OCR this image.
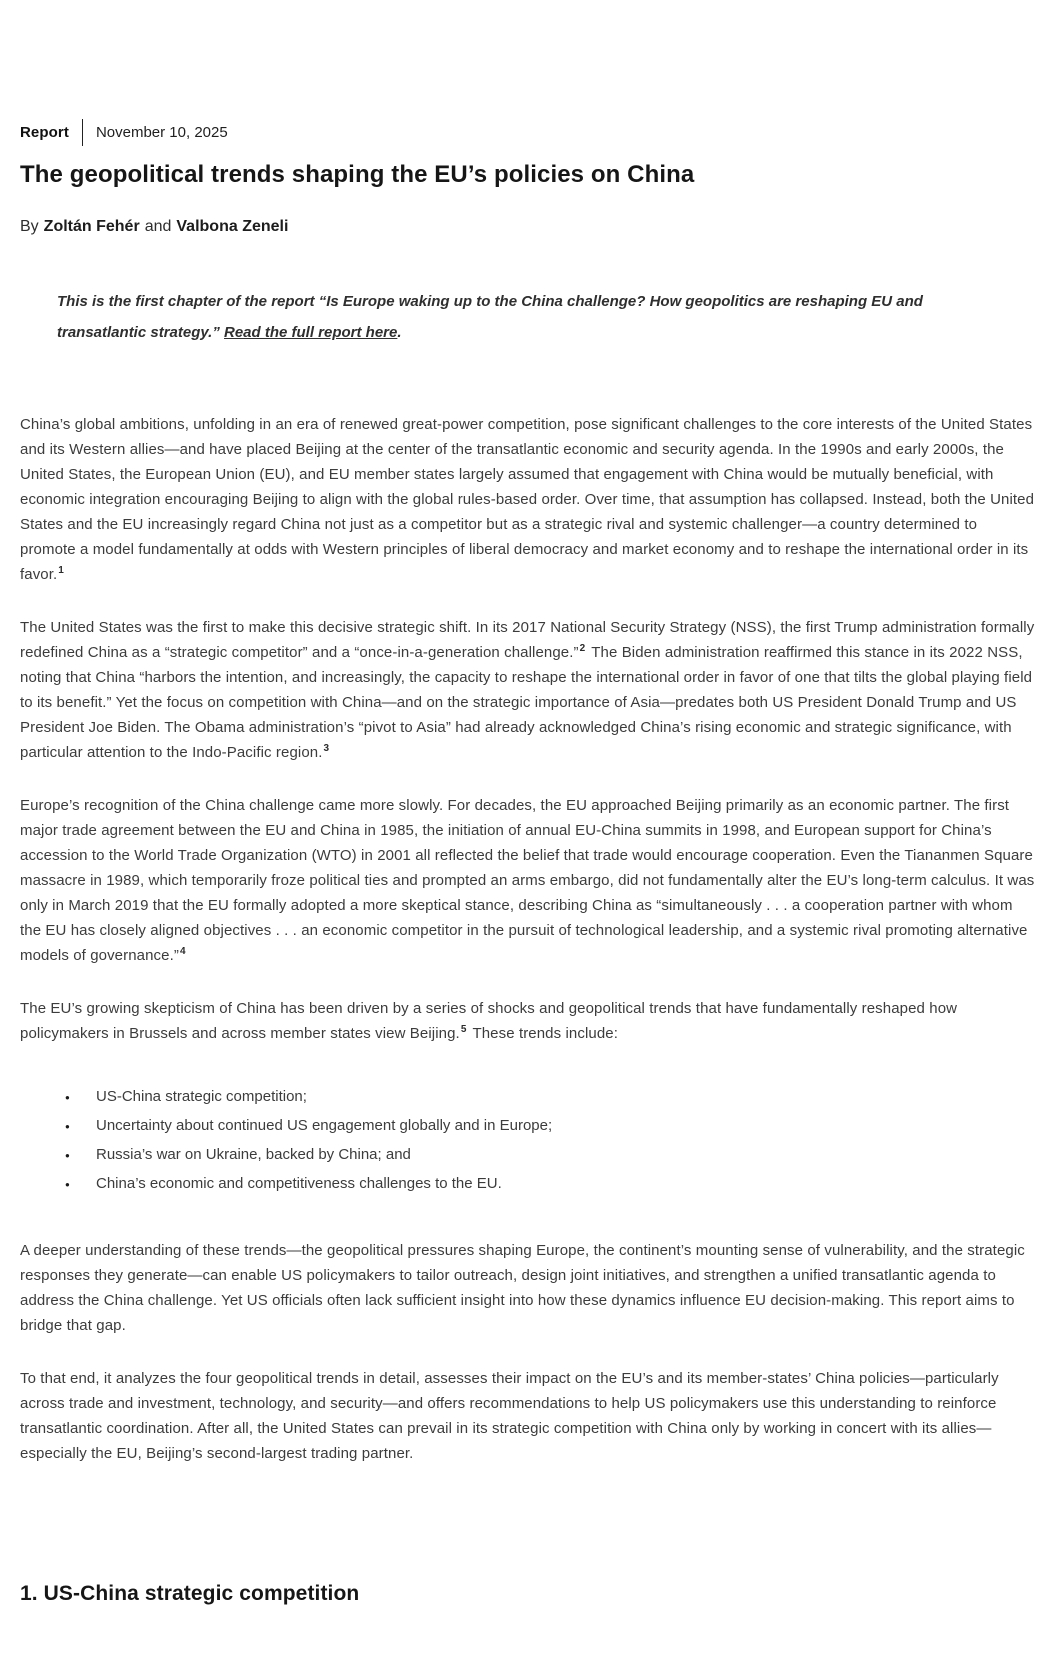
Report November 10, 2025
The geopolitical trends shaping the EU’s policies on China
By Zoltán Fehér and Valbona Zeneli
This is the first chapter of the report “Is Europe waking up to the China challenge? How geopolitics are reshaping EU and transatlantic strategy.” Read the full report here.

China’s global ambitions, unfolding in an era of renewed great-power competition, pose significant challenges to the core interests of the United States and its Western allies—and have placed Beijing at the center of the transatlantic economic and security agenda. In the 1990s and early 2000s, the United States, the European Union (EU), and EU member states largely assumed that engagement with China would be mutually beneficial, with economic integration encouraging Beijing to align with the global rules-based order. Over time, that assumption has collapsed. Instead, both the United States and the EU increasingly regard China not just as a competitor but as a strategic rival and systemic challenger—a country determined to promote a model fundamentally at odds with Western principles of liberal democracy and market economy and to reshape the international order in its favor.$^1$

The United States was the first to make this decisive strategic shift. In its 2017 National Security Strategy (NSS), the first Trump administration formally redefined China as a “strategic competitor” and a “once-in-a-generation challenge.”$^2$ The Biden administration reaffirmed this stance in its 2022 NSS, noting that China “harbors the intention, and increasingly, the capacity to reshape the international order in favor of one that tilts the global playing field to its benefit.” Yet the focus on competition with China—and on the strategic importance of Asia—predates both US President Donald Trump and US President Joe Biden. The Obama administration’s “pivot to Asia” had already acknowledged China’s rising economic and strategic significance, with particular attention to the Indo-Pacific region.$^3$

Europe’s recognition of the China challenge came more slowly. For decades, the EU approached Beijing primarily as an economic partner. The first major trade agreement between the EU and China in 1985, the initiation of annual EU-China summits in 1998, and European support for China’s accession to the World Trade Organization (WTO) in 2001 all reflected the belief that trade would encourage cooperation. Even the Tiananmen Square massacre in 1989, which temporarily froze political ties and prompted an arms embargo, did not fundamentally alter the EU’s long-term calculus. It was only in March 2019 that the EU formally adopted a more skeptical stance, describing China as “simultaneously . . . a cooperation partner with whom the EU has closely aligned objectives . . . an economic competitor in the pursuit of technological leadership, and a systemic rival promoting alternative models of governance.”$^4$

The EU’s growing skepticism of China has been driven by a series of shocks and geopolitical trends that have fundamentally reshaped how policymakers in Brussels and across member states view Beijing.$^5$ These trends include:

● US-China strategic competition;
● Uncertainty about continued US engagement globally and in Europe;
● Russia’s war on Ukraine, backed by China; and
● China’s economic and competitiveness challenges to the EU.

A deeper understanding of these trends—the geopolitical pressures shaping Europe, the continent’s mounting sense of vulnerability, and the strategic responses they generate—can enable US policymakers to tailor outreach, design joint initiatives, and strengthen a unified transatlantic agenda to address the China challenge. Yet US officials often lack sufficient insight into how these dynamics influence EU decision-making. This report aims to bridge that gap.

To that end, it analyzes the four geopolitical trends in detail, assesses their impact on the EU’s and its member-states’ China policies—particularly across trade and investment, technology, and security—and offers recommendations to help US policymakers use this understanding to reinforce transatlantic coordination. After all, the United States can prevail in its strategic competition with China only by working in concert with its allies—especially the EU, Beijing’s second-largest trading partner.

1. US-China strategic competition
